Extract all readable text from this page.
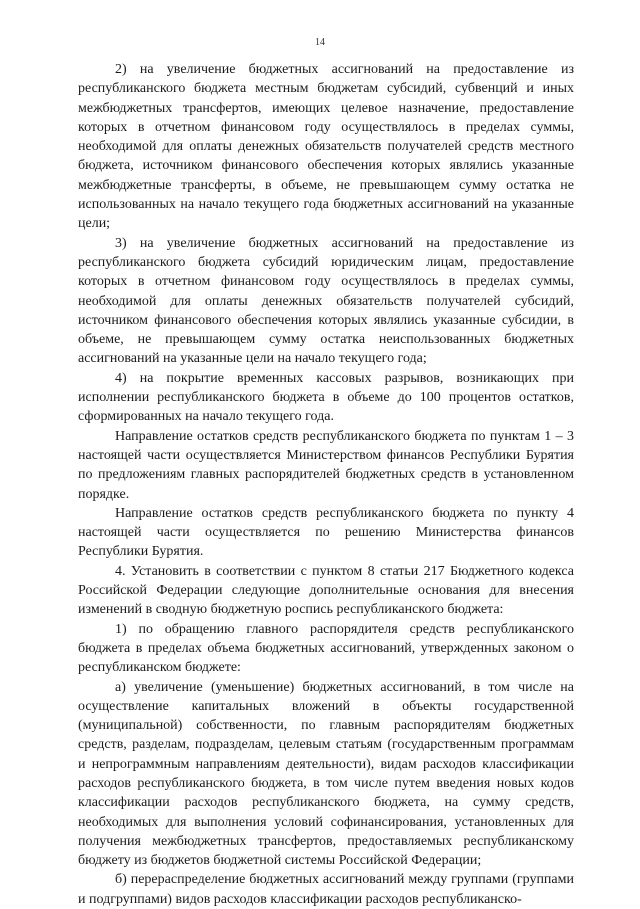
14

2) на увеличение бюджетных ассигнований на предоставление из республиканского бюджета местным бюджетам субсидий, субвенций и иных межбюджетных трансфертов, имеющих целевое назначение, предоставление которых в отчетном финансовом году осуществлялось в пределах суммы, необходимой для оплаты денежных обязательств получателей средств местного бюджета, источником финансового обеспечения которых являлись указанные межбюджетные трансферты, в объеме, не превышающем сумму остатка не использованных на начало текущего года бюджетных ассигнований на указанные цели;

3) на увеличение бюджетных ассигнований на предоставление из республиканского бюджета субсидий юридическим лицам, предоставление которых в отчетном финансовом году осуществлялось в пределах суммы, необходимой для оплаты денежных обязательств получателей субсидий, источником финансового обеспечения которых являлись указанные субсидии, в объеме, не превышающем сумму остатка неиспользованных бюджетных ассигнований на указанные цели на начало текущего года;

4) на покрытие временных кассовых разрывов, возникающих при исполнении республиканского бюджета в объеме до 100 процентов остатков, сформированных на начало текущего года.

Направление остатков средств республиканского бюджета по пунктам 1 – 3 настоящей части осуществляется Министерством финансов Республики Бурятия по предложениям главных распорядителей бюджетных средств в установленном порядке.

Направление остатков средств республиканского бюджета по пункту 4 настоящей части осуществляется по решению Министерства финансов Республики Бурятия.

4. Установить в соответствии с пунктом 8 статьи 217 Бюджетного кодекса Российской Федерации следующие дополнительные основания для внесения изменений в сводную бюджетную роспись республиканского бюджета:

1) по обращению главного распорядителя средств республиканского бюджета в пределах объема бюджетных ассигнований, утвержденных законом о республиканском бюджете:

а) увеличение (уменьшение) бюджетных ассигнований, в том числе на осуществление капитальных вложений в объекты государственной (муниципальной) собственности, по главным распорядителям бюджетных средств, разделам, подразделам, целевым статьям (государственным программам и непрограммным направлениям деятельности), видам расходов классификации расходов республиканского бюджета, в том числе путем введения новых кодов классификации расходов республиканского бюджета, на сумму средств, необходимых для выполнения условий софинансирования, установленных для получения межбюджетных трансфертов, предоставляемых республиканскому бюджету из бюджетов бюджетной системы Российской Федерации;

б) перераспределение бюджетных ассигнований между группами (группами и подгруппами) видов расходов классификации расходов республиканско-
